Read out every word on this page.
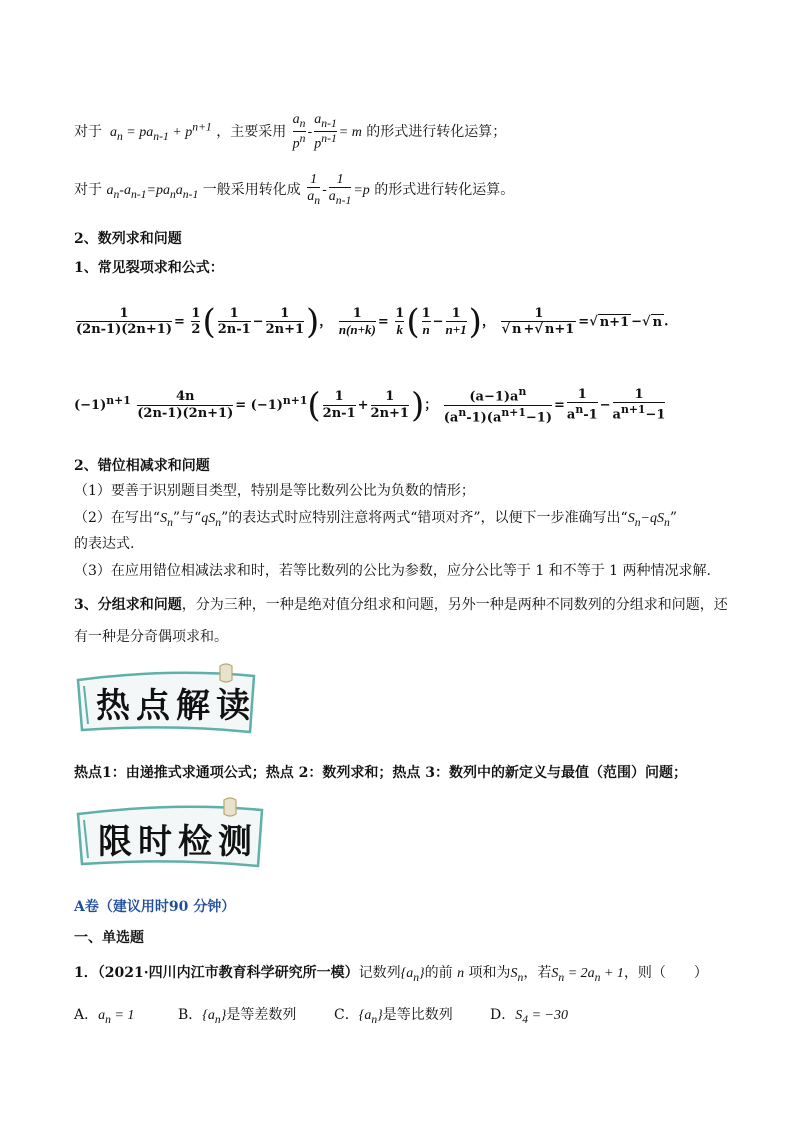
对于  $a_n = pa_{n-1} + p^{n+1}$ ，主要采用 $\frac{a_n}{p^n} - \frac{a_{n-1}}{p^{n-1}} = m$ 的形式进行转化运算；
对于 $a_n-a_{n-1}=pa_na_{n-1}$ 一般采用转化成 $\frac{1}{a_n} - \frac{1}{a_{n-1}} =p$ 的形式进行转化运算。
2、数列求和问题
1、常见裂项求和公式：
$\frac{1}{(2n-1)(2n+1)} = \frac{1}{2}$ ( $\frac{1}{2n-1} - \frac{1}{2n+1}$ )， $\frac{1}{n(n+k)} = \frac{1}{k}$ ( $\frac{1}{n} - \frac{1}{n+1}$ )， $\frac{1}{√ n +√ n+1}$ =√ n+1 −√ n .
$(-1)^{n+1} \frac{4n}{(2n-1)(2n+1)} = (-1)^{n+1}( \frac{1}{2n-1} + \frac{1}{2n+1}$ )； $\frac{(a-1)a^n}{(a^n-1)(a^{n+1}-1)} = \frac{1}{a^n-1} - \frac{1}{a^{n+1}-1}$
2、错位相减求和问题
（1）要善于识别题目类型，特别是等比数列公比为负数的情形；
（2）在写出“$S_n$”与“$qS_n$”的表达式时应特别注意将两式“错项对齐”，以便下一步准确写出“$S_n-qS_n$”
的表达式.
（3）在应用错位相减法求和时，若等比数列的公比为参数，应分公比等于 1 和不等于 1 两种情况求解.
3、分组求和问题，分为三种，一种是绝对值分组求和问题，另外一种是两种不同数列的分组求和问题，还
有一种是分奇偶项求和。
热点解读
热点1：由递推式求通项公式；热点 2：数列求和；热点 3：数列中的新定义与最值（范围）问题；
限时检测
A卷（建议用时90 分钟）
一、单选题
1．（2021·四川内江市教育科学研究所一模）记数列$\{a_n\}$的前 n 项和为$S_n$，若$S_n = 2a_n + 1$，则（　　）
A．$a_n = 1$	B．$\{a_n\}$是等差数列	C．$\{a_n\}$是等比数列	D．$S_4 = -30$
